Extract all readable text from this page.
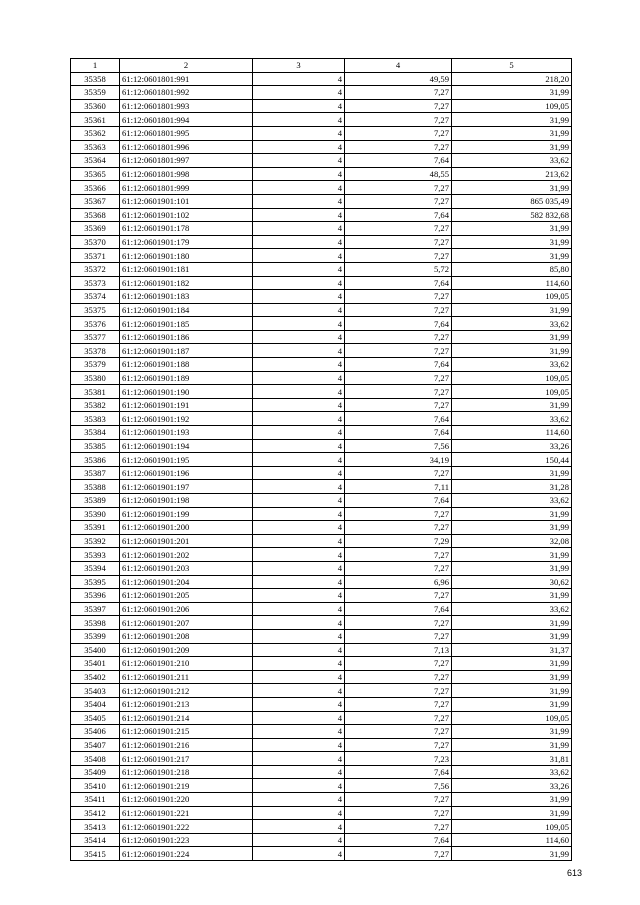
1	2	3	4	5
35358	61:12:0601801:991	4	49,59	218,20
35359	61:12:0601801:992	4	7,27	31,99
35360	61:12:0601801:993	4	7,27	109,05
35361	61:12:0601801:994	4	7,27	31,99
35362	61:12:0601801:995	4	7,27	31,99
35363	61:12:0601801:996	4	7,27	31,99
35364	61:12:0601801:997	4	7,64	33,62
35365	61:12:0601801:998	4	48,55	213,62
35366	61:12:0601801:999	4	7,27	31,99
35367	61:12:0601901:101	4	7,27	865 035,49
35368	61:12:0601901:102	4	7,64	582 832,68
35369	61:12:0601901:178	4	7,27	31,99
35370	61:12:0601901:179	4	7,27	31,99
35371	61:12:0601901:180	4	7,27	31,99
35372	61:12:0601901:181	4	5,72	85,80
35373	61:12:0601901:182	4	7,64	114,60
35374	61:12:0601901:183	4	7,27	109,05
35375	61:12:0601901:184	4	7,27	31,99
35376	61:12:0601901:185	4	7,64	33,62
35377	61:12:0601901:186	4	7,27	31,99
35378	61:12:0601901:187	4	7,27	31,99
35379	61:12:0601901:188	4	7,64	33,62
35380	61:12:0601901:189	4	7,27	109,05
35381	61:12:0601901:190	4	7,27	109,05
35382	61:12:0601901:191	4	7,27	31,99
35383	61:12:0601901:192	4	7,64	33,62
35384	61:12:0601901:193	4	7,64	114,60
35385	61:12:0601901:194	4	7,56	33,26
35386	61:12:0601901:195	4	34,19	150,44
35387	61:12:0601901:196	4	7,27	31,99
35388	61:12:0601901:197	4	7,11	31,28
35389	61:12:0601901:198	4	7,64	33,62
35390	61:12:0601901:199	4	7,27	31,99
35391	61:12:0601901:200	4	7,27	31,99
35392	61:12:0601901:201	4	7,29	32,08
35393	61:12:0601901:202	4	7,27	31,99
35394	61:12:0601901:203	4	7,27	31,99
35395	61:12:0601901:204	4	6,96	30,62
35396	61:12:0601901:205	4	7,27	31,99
35397	61:12:0601901:206	4	7,64	33,62
35398	61:12:0601901:207	4	7,27	31,99
35399	61:12:0601901:208	4	7,27	31,99
35400	61:12:0601901:209	4	7,13	31,37
35401	61:12:0601901:210	4	7,27	31,99
35402	61:12:0601901:211	4	7,27	31,99
35403	61:12:0601901:212	4	7,27	31,99
35404	61:12:0601901:213	4	7,27	31,99
35405	61:12:0601901:214	4	7,27	109,05
35406	61:12:0601901:215	4	7,27	31,99
35407	61:12:0601901:216	4	7,27	31,99
35408	61:12:0601901:217	4	7,23	31,81
35409	61:12:0601901:218	4	7,64	33,62
35410	61:12:0601901:219	4	7,56	33,26
35411	61:12:0601901:220	4	7,27	31,99
35412	61:12:0601901:221	4	7,27	31,99
35413	61:12:0601901:222	4	7,27	109,05
35414	61:12:0601901:223	4	7,64	114,60
35415	61:12:0601901:224	4	7,27	31,99
613
